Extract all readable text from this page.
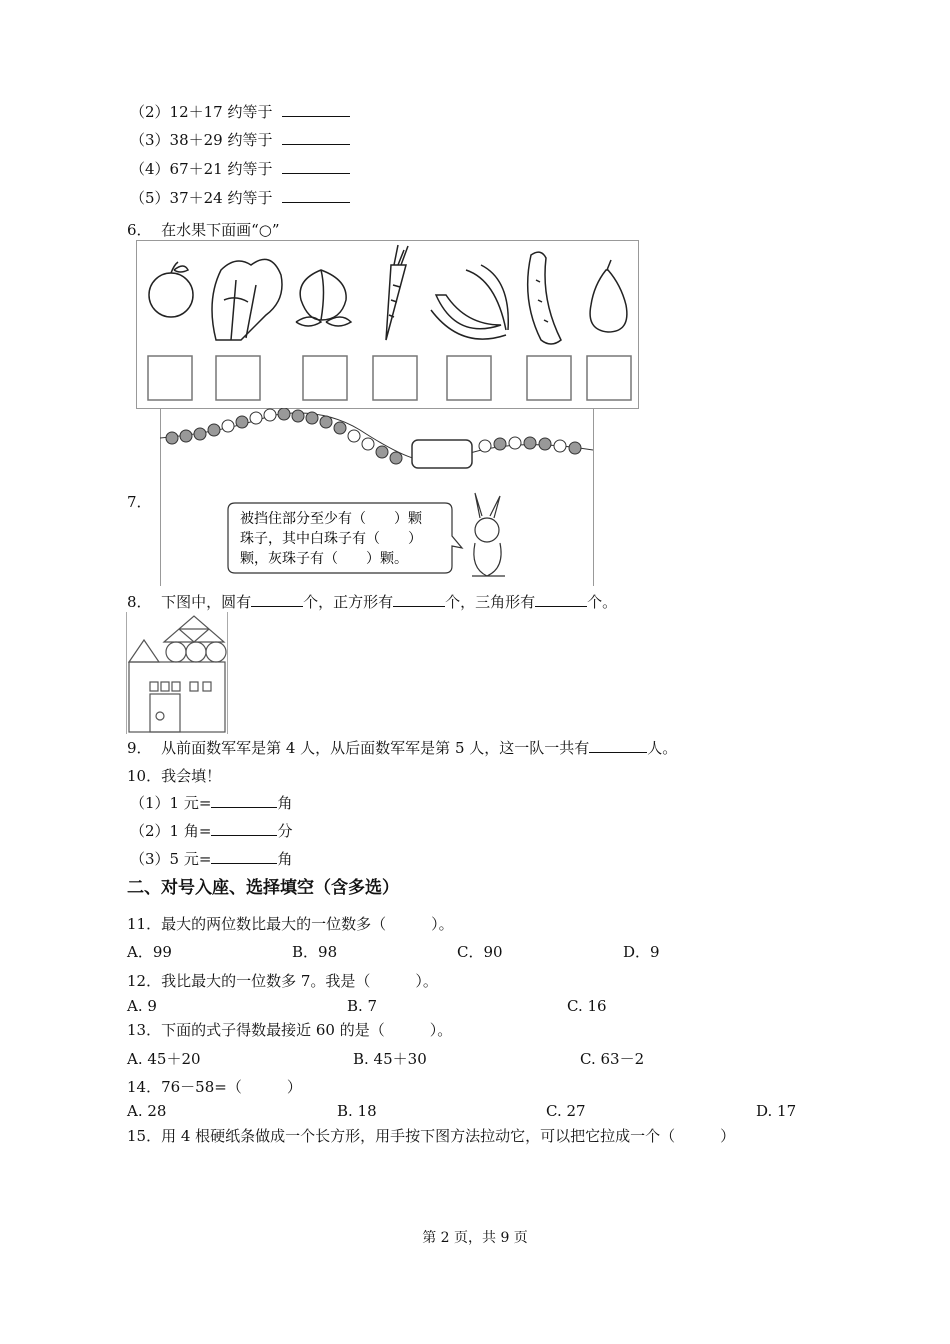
（2）12＋17 约等于
（3）38＋29 约等于
（4）67＋21 约等于
（5）37＋24 约等于
6． 在水果下面画“○”
7．
被挡住部分至少有（　　）颗
珠子，其中白珠子有（　　）
颗，灰珠子有（　　）颗。
8． 下图中，圆有	个，正方形有	个，三角形有	个。
9． 从前面数军军是第 4 人，从后面数军军是第 5 人，这一队一共有	人。
10．我会填！
（1）1 元=	角
（2）1 角=	分
（3）5 元=	角
二、对号入座、选择填空（含多选）
11．最大的两位数比最大的一位数多（　　　）。
A．99	B．98	C．90	D．9
12．我比最大的一位数多 7。我是（　　　）。
A. 9	B. 7	C. 16
13．下面的式子得数最接近 60 的是（　　　）。
A. 45＋20	B. 45＋30	C. 63－2
14．76－58=（　　　）
A. 28	B. 18	C. 27	D. 17
15．用 4 根硬纸条做成一个长方形，用手按下图方法拉动它，可以把它拉成一个（　　　）
第 2 页，共 9 页
